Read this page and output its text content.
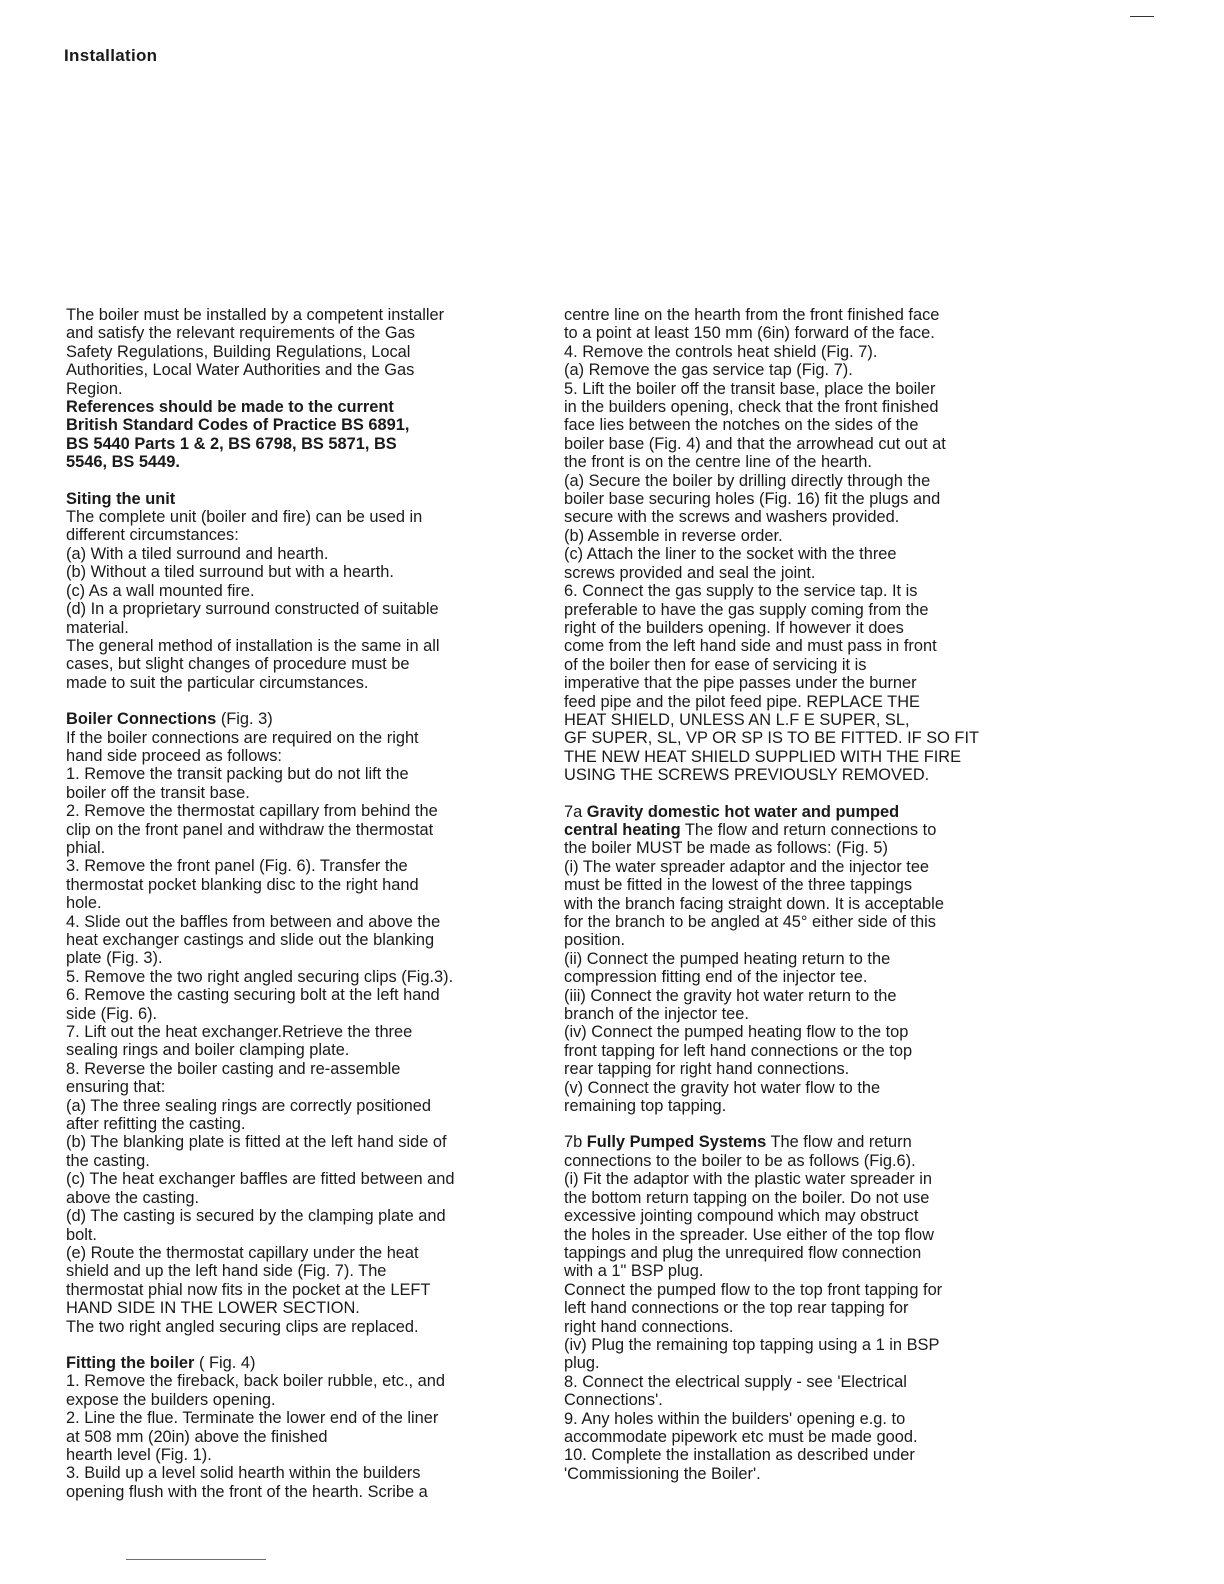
Installation

The boiler must be installed by a competent installer
and satisfy the relevant requirements of the Gas
Safety Regulations, Building Regulations, Local
Authorities, Local Water Authorities and the Gas
Region.

References should be made to the current
British Standard Codes of Practice BS 6891,
BS 5440 Parts 1 & 2, BS 6798, BS 5871, BS
5546, BS 5449.

Siting the unit

The complete unit (boiler and fire) can be used in
different circumstances:
(a) With a tiled surround and hearth.
(b) Without a tiled surround but with a hearth.
(c) As a wall mounted fire.
(d) In a proprietary surround constructed of suitable
material.
The general method of installation is the same in all
cases, but slight changes of procedure must be
made to suit the particular circumstances.

Boiler Connections (Fig. 3)

If the boiler connections are required on the right
hand side proceed as follows:
1. Remove the transit packing but do not lift the
boiler off the transit base.
2. Remove the thermostat capillary from behind the
clip on the front panel and withdraw the thermostat
phial.
3. Remove the front panel (Fig. 6). Transfer the
thermostat pocket blanking disc to the right hand
hole.
4. Slide out the baffles from between and above the
heat exchanger castings and slide out the blanking
plate (Fig. 3).
5. Remove the two right angled securing clips (Fig.3).
6. Remove the casting securing bolt at the left hand
side (Fig. 6).
7. Lift out the heat exchanger.Retrieve the three
sealing rings and boiler clamping plate.
8. Reverse the boiler casting and re-assemble
ensuring that:
(a) The three sealing rings are correctly positioned
after refitting the casting.
(b) The blanking plate is fitted at the left hand side of
the casting.
(c) The heat exchanger baffles are fitted between and
above the casting.
(d) The casting is secured by the clamping plate and
bolt.
(e) Route the thermostat capillary under the heat
shield and up the left hand side (Fig. 7). The
thermostat phial now fits in the pocket at the LEFT
HAND SIDE IN THE LOWER SECTION.
The two right angled securing clips are replaced.

Fitting the boiler ( Fig. 4)

1. Remove the fireback, back boiler rubble, etc., and
expose the builders opening.
2. Line the flue. Terminate the lower end of the liner
at 508 mm (20in) above the finished
hearth level (Fig. 1).
3. Build up a level solid hearth within the builders
opening flush with the front of the hearth. Scribe a

centre line on the hearth from the front finished face
to a point at least 150 mm (6in) forward of the face.
4. Remove the controls heat shield (Fig. 7).
(a) Remove the gas service tap (Fig. 7).
5. Lift the boiler off the transit base, place the boiler
in the builders opening, check that the front finished
face lies between the notches on the sides of the
boiler base (Fig. 4) and that the arrowhead cut out at
the front is on the centre line of the hearth.
(a) Secure the boiler by drilling directly through the
boiler base securing holes (Fig. 16) fit the plugs and
secure with the screws and washers provided.
(b) Assemble in reverse order.
(c) Attach the liner to the socket with the three
screws provided and seal the joint.
6. Connect the gas supply to the service tap. It is
preferable to have the gas supply coming from the
right of the builders opening. If however it does
come from the left hand side and must pass in front
of the boiler then for ease of servicing it is
imperative that the pipe passes under the burner
feed pipe and the pilot feed pipe. REPLACE THE
HEAT SHIELD, UNLESS AN L.F E SUPER, SL,
GF SUPER, SL, VP OR SP IS TO BE FITTED. IF SO FIT
THE NEW HEAT SHIELD SUPPLIED WITH THE FIRE
USING THE SCREWS PREVIOUSLY REMOVED.

7a Gravity domestic hot water and pumped
central heating The flow and return connections to
the boiler MUST be made as follows: (Fig. 5)
(i) The water spreader adaptor and the injector tee
must be fitted in the lowest of the three tappings
with the branch facing straight down. It is acceptable
for the branch to be angled at 45° either side of this
position.
(ii) Connect the pumped heating return to the
compression fitting end of the injector tee.
(iii) Connect the gravity hot water return to the
branch of the injector tee.
(iv) Connect the pumped heating flow to the top
front tapping for left hand connections or the top
rear tapping for right hand connections.
(v) Connect the gravity hot water flow to the
remaining top tapping.

7b Fully Pumped Systems The flow and return
connections to the boiler to be as follows (Fig.6).
(i) Fit the adaptor with the plastic water spreader in
the bottom return tapping on the boiler. Do not use
excessive jointing compound which may obstruct
the holes in the spreader. Use either of the top flow
tappings and plug the unrequired flow connection
with a 1" BSP plug.
Connect the pumped flow to the top front tapping for
left hand connections or the top rear tapping for
right hand connections.
(iv) Plug the remaining top tapping using a 1 in BSP
plug.
8. Connect the electrical supply - see 'Electrical
Connections'.
9. Any holes within the builders' opening e.g. to
accommodate pipework etc must be made good.
10. Complete the installation as described under
'Commissioning the Boiler'.
